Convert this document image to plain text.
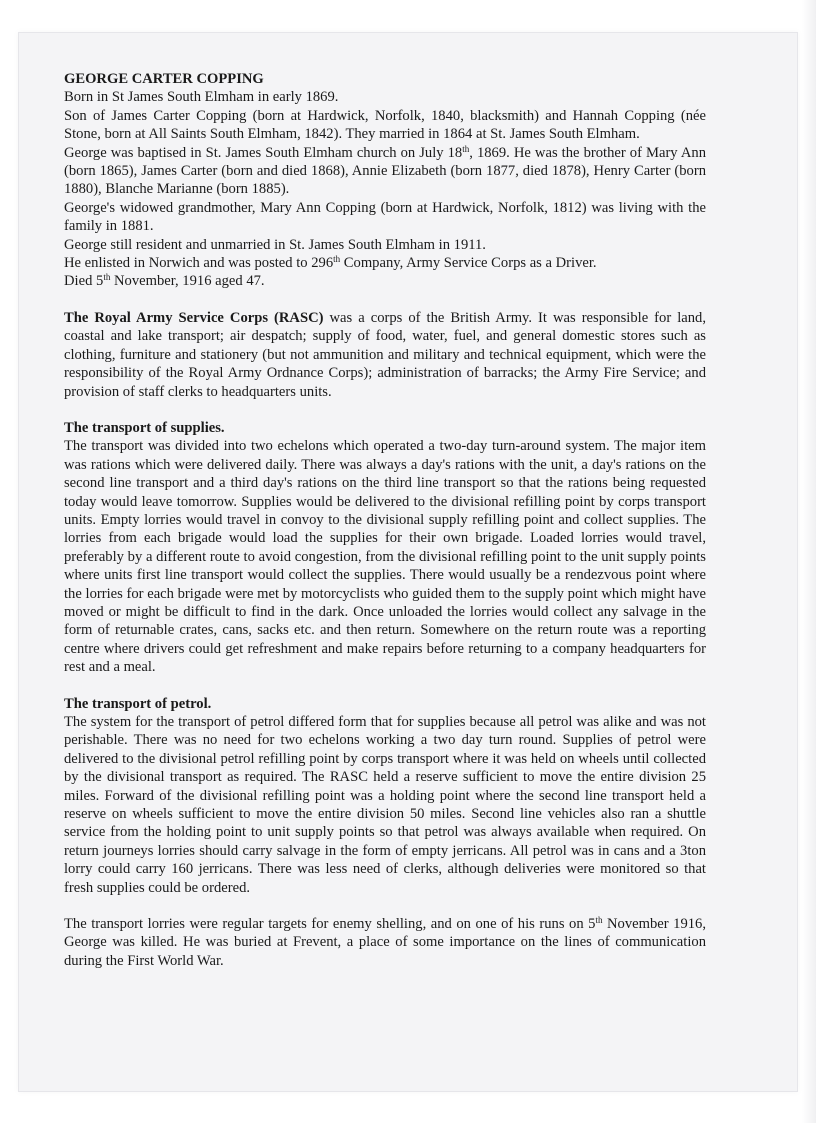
GEORGE CARTER COPPING

Born in St James South Elmham in early 1869.

Son of James Carter Copping (born at Hardwick, Norfolk, 1840, blacksmith) and Hannah Copping (née Stone, born at All Saints South Elmham, 1842). They married in 1864 at St. James South Elmham.

George was baptised in St. James South Elmham church on July 18th, 1869. He was the brother of Mary Ann (born 1865), James Carter (born and died 1868), Annie Elizabeth (born 1877, died 1878), Henry Carter (born 1880), Blanche Marianne (born 1885).

George's widowed grandmother, Mary Ann Copping (born at Hardwick, Norfolk, 1812) was living with the family in 1881.

George still resident and unmarried in St. James South Elmham in 1911.

He enlisted in Norwich and was posted to 296th Company, Army Service Corps as a Driver.

Died 5th November, 1916 aged 47.

The Royal Army Service Corps (RASC) was a corps of the British Army. It was responsible for land, coastal and lake transport; air despatch; supply of food, water, fuel, and general domestic stores such as clothing, furniture and stationery (but not ammunition and military and technical equipment, which were the responsibility of the Royal Army Ordnance Corps); administration of barracks; the Army Fire Service; and provision of staff clerks to headquarters units.

The transport of supplies.

The transport was divided into two echelons which operated a two-day turn-around system. The major item was rations which were delivered daily. There was always a day's rations with the unit, a day's rations on the second line transport and a third day's rations on the third line transport so that the rations being requested today would leave tomorrow. Supplies would be delivered to the divisional refilling point by corps transport units. Empty lorries would travel in convoy to the divisional supply refilling point and collect supplies. The lorries from each brigade would load the supplies for their own brigade. Loaded lorries would travel, preferably by a different route to avoid congestion, from the divisional refilling point to the unit supply points where units first line transport would collect the supplies. There would usually be a rendezvous point where the lorries for each brigade were met by motorcyclists who guided them to the supply point which might have moved or might be difficult to find in the dark. Once unloaded the lorries would collect any salvage in the form of returnable crates, cans, sacks etc. and then return. Somewhere on the return route was a reporting centre where drivers could get refreshment and make repairs before returning to a company headquarters for rest and a meal.

The transport of petrol.

The system for the transport of petrol differed form that for supplies because all petrol was alike and was not perishable. There was no need for two echelons working a two day turn round. Supplies of petrol were delivered to the divisional petrol refilling point by corps transport where it was held on wheels until collected by the divisional transport as required. The RASC held a reserve sufficient to move the entire division 25 miles. Forward of the divisional refilling point was a holding point where the second line transport held a reserve on wheels sufficient to move the entire division 50 miles. Second line vehicles also ran a shuttle service from the holding point to unit supply points so that petrol was always available when required. On return journeys lorries should carry salvage in the form of empty jerricans. All petrol was in cans and a 3ton lorry could carry 160 jerricans. There was less need of clerks, although deliveries were monitored so that fresh supplies could be ordered.

The transport lorries were regular targets for enemy shelling, and on one of his runs on 5th November 1916, George was killed. He was buried at Frevent, a place of some importance on the lines of communication during the First World War.
